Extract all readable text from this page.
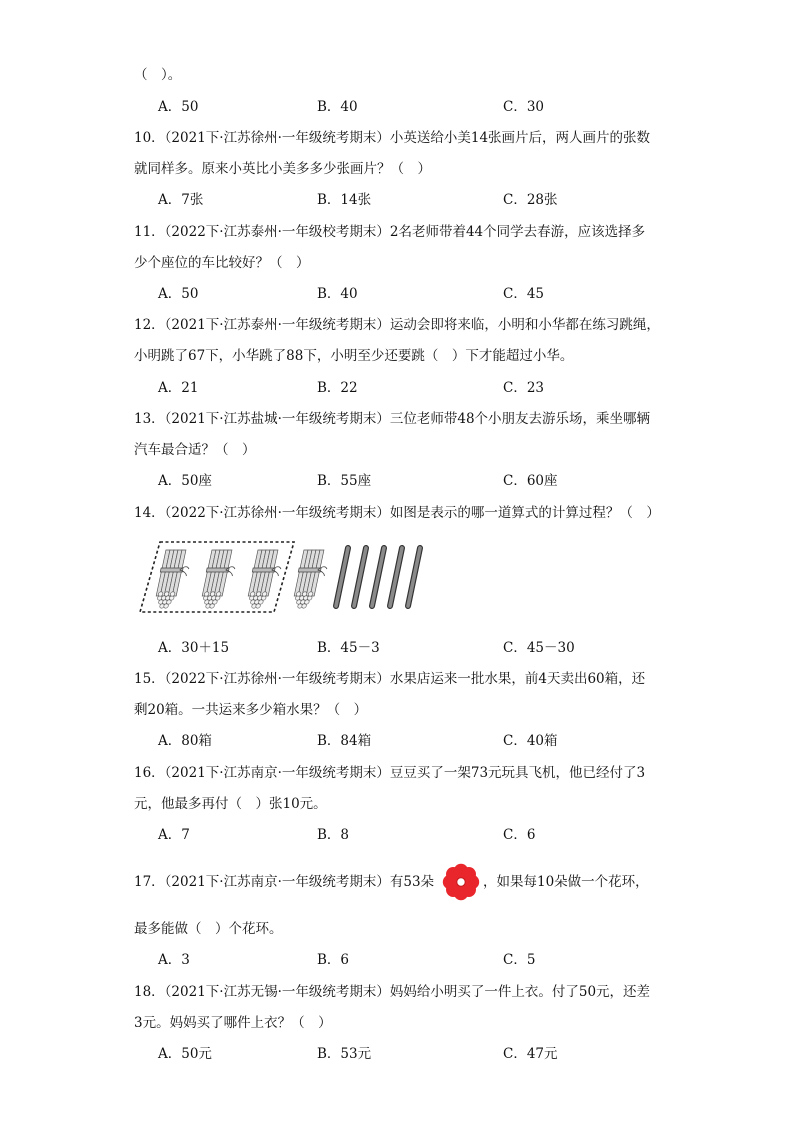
（　）。
A．50	B．40	C．30
10．（2021下·江苏徐州·一年级统考期末）小英送给小美14张画片后，两人画片的张数
就同样多。原来小英比小美多多少张画片？（　）
A．7张	B．14张	C．28张
11．（2022下·江苏泰州·一年级校考期末）2名老师带着44个同学去春游，应该选择多
少个座位的车比较好？（　）
A．50	B．40	C．45
12．（2021下·江苏泰州·一年级统考期末）运动会即将来临，小明和小华都在练习跳绳，
小明跳了67下，小华跳了88下，小明至少还要跳（　）下才能超过小华。
A．21	B．22	C．23
13．（2021下·江苏盐城·一年级统考期末）三位老师带48个小朋友去游乐场，乘坐哪辆
汽车最合适？（　）
A．50座	B．55座	C．60座
14．（2022下·江苏徐州·一年级统考期末）如图是表示的哪一道算式的计算过程？（　）
A．30＋15	B．45－3	C．45－30
15．（2022下·江苏徐州·一年级统考期末）水果店运来一批水果，前4天卖出60箱，还
剩20箱。一共运来多少箱水果？（　）
A．80箱	B．84箱	C．40箱
16．（2021下·江苏南京·一年级统考期末）豆豆买了一架73元玩具飞机，他已经付了3
元，他最多再付（　）张10元。
A．7	B．8	C．6
17．（2021下·江苏南京·一年级统考期末）有53朵	，如果每10朵做一个花环，
最多能做（　）个花环。
A．3	B．6	C．5
18．（2021下·江苏无锡·一年级统考期末）妈妈给小明买了一件上衣。付了50元，还差
3元。妈妈买了哪件上衣？（　）
A．50元	B．53元	C．47元
